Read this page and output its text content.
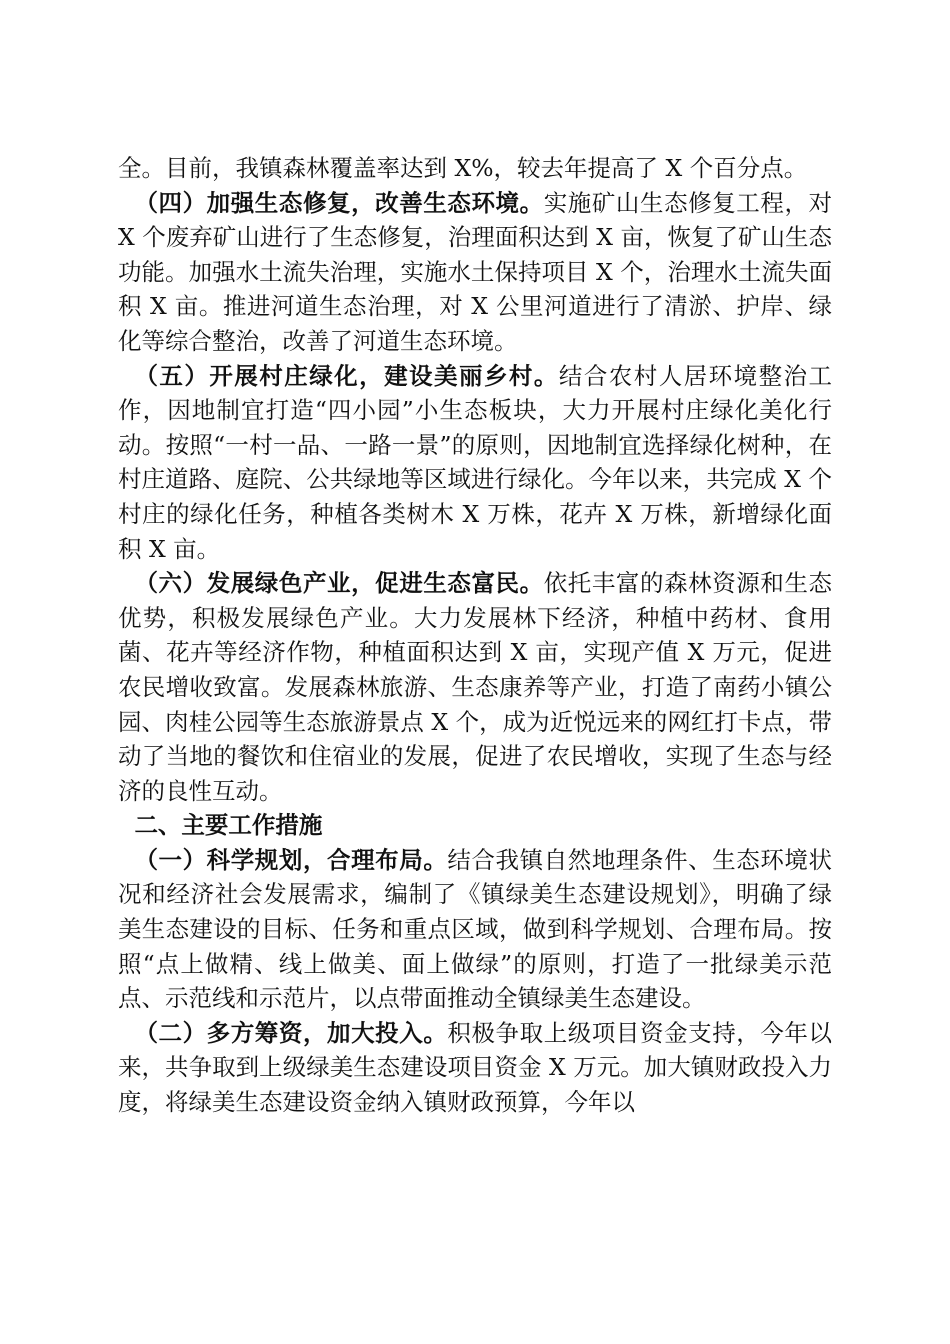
全。目前，我镇森林覆盖率达到 X%，较去年提高了 X 个百分点。

（四）加强生态修复，改善生态环境。实施矿山生态修复工程，对 X 个废弃矿山进行了生态修复，治理面积达到 X 亩，恢复了矿山生态功能。加强水土流失治理，实施水土保持项目 X 个，治理水土流失面积 X 亩。推进河道生态治理，对 X 公里河道进行了清淤、护岸、绿化等综合整治，改善了河道生态环境。

（五）开展村庄绿化，建设美丽乡村。结合农村人居环境整治工作，因地制宜打造“四小园”小生态板块，大力开展村庄绿化美化行动。按照“一村一品、一路一景”的原则，因地制宜选择绿化树种，在村庄道路、庭院、公共绿地等区域进行绿化。今年以来，共完成 X 个村庄的绿化任务，种植各类树木 X 万株，花卉 X 万株，新增绿化面积 X 亩。

（六）发展绿色产业，促进生态富民。依托丰富的森林资源和生态优势，积极发展绿色产业。大力发展林下经济，种植中药材、食用菌、花卉等经济作物，种植面积达到 X 亩，实现产值 X 万元，促进农民增收致富。发展森林旅游、生态康养等产业，打造了南药小镇公园、肉桂公园等生态旅游景点 X 个，成为近悦远来的网红打卡点，带动了当地的餐饮和住宿业的发展，促进了农民增收，实现了生态与经济的良性互动。

二、主要工作措施

（一）科学规划，合理布局。结合我镇自然地理条件、生态环境状况和经济社会发展需求，编制了《镇绿美生态建设规划》，明确了绿美生态建设的目标、任务和重点区域，做到科学规划、合理布局。按照“点上做精、线上做美、面上做绿”的原则，打造了一批绿美示范点、示范线和示范片，以点带面推动全镇绿美生态建设。

（二）多方筹资，加大投入。积极争取上级项目资金支持，今年以来，共争取到上级绿美生态建设项目资金 X 万元。加大镇财政投入力度，将绿美生态建设资金纳入镇财政预算，今年以
